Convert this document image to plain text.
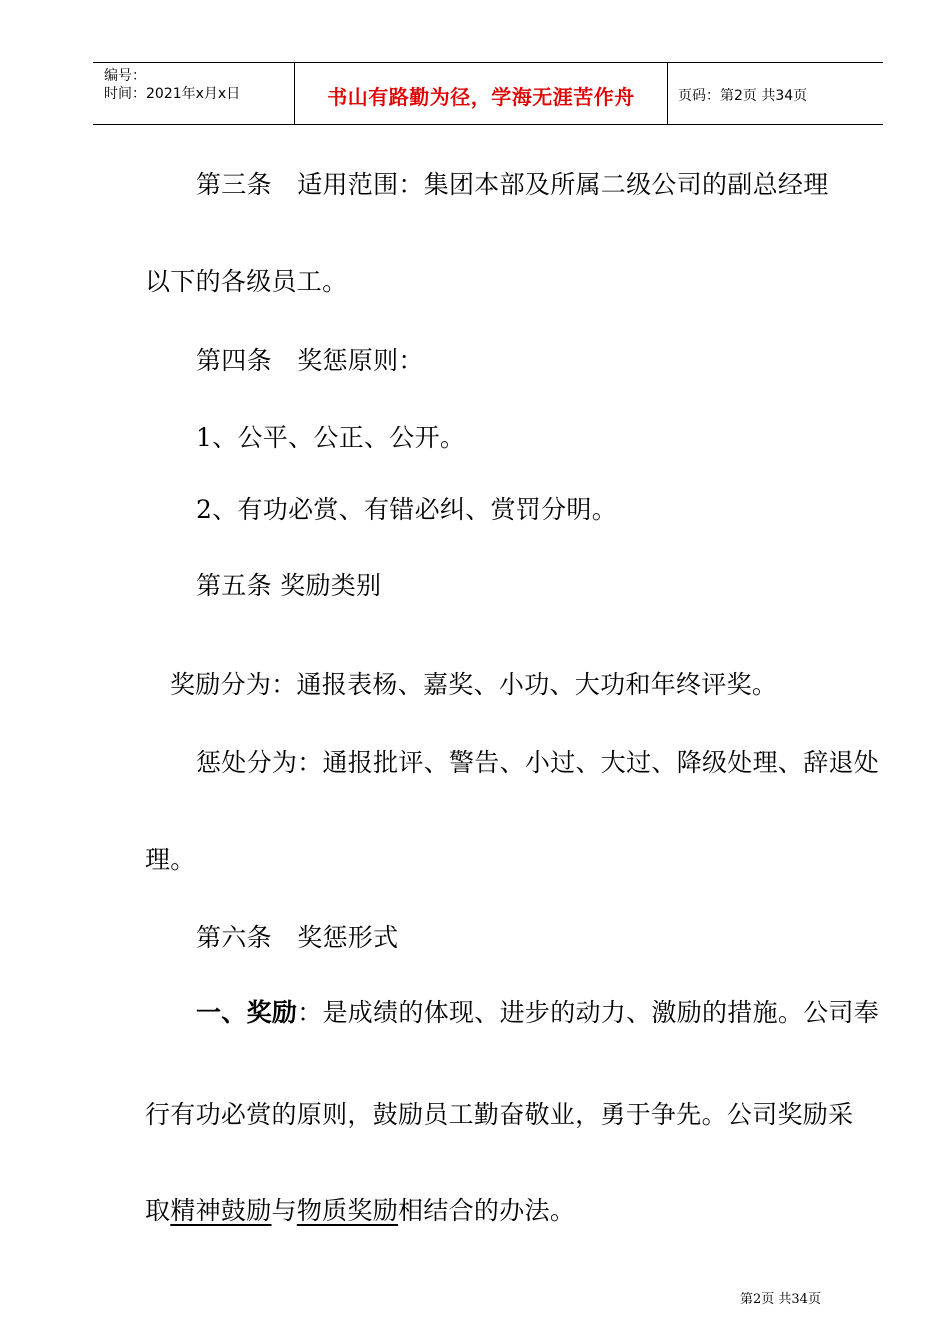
编号：
时间：2021年x月x日	书山有路勤为径，学海无涯苦作舟	页码：第2页 共34页
第三条　适用范围：集团本部及所属二级公司的副总经理
以下的各级员工。
第四条　奖惩原则：
1、公平、公正、公开。
2、有功必赏、有错必纠、赏罚分明。
第五条 奖励类别
奖励分为：通报表杨、嘉奖、小功、大功和年终评奖。
惩处分为：通报批评、警告、小过、大过、降级处理、辞退处
理。
第六条　奖惩形式
一、奖励：是成绩的体现、进步的动力、激励的措施。公司奉
行有功必赏的原则，鼓励员工勤奋敬业，勇于争先。公司奖励采
取精神鼓励与物质奖励相结合的办法。
第2页 共34页
